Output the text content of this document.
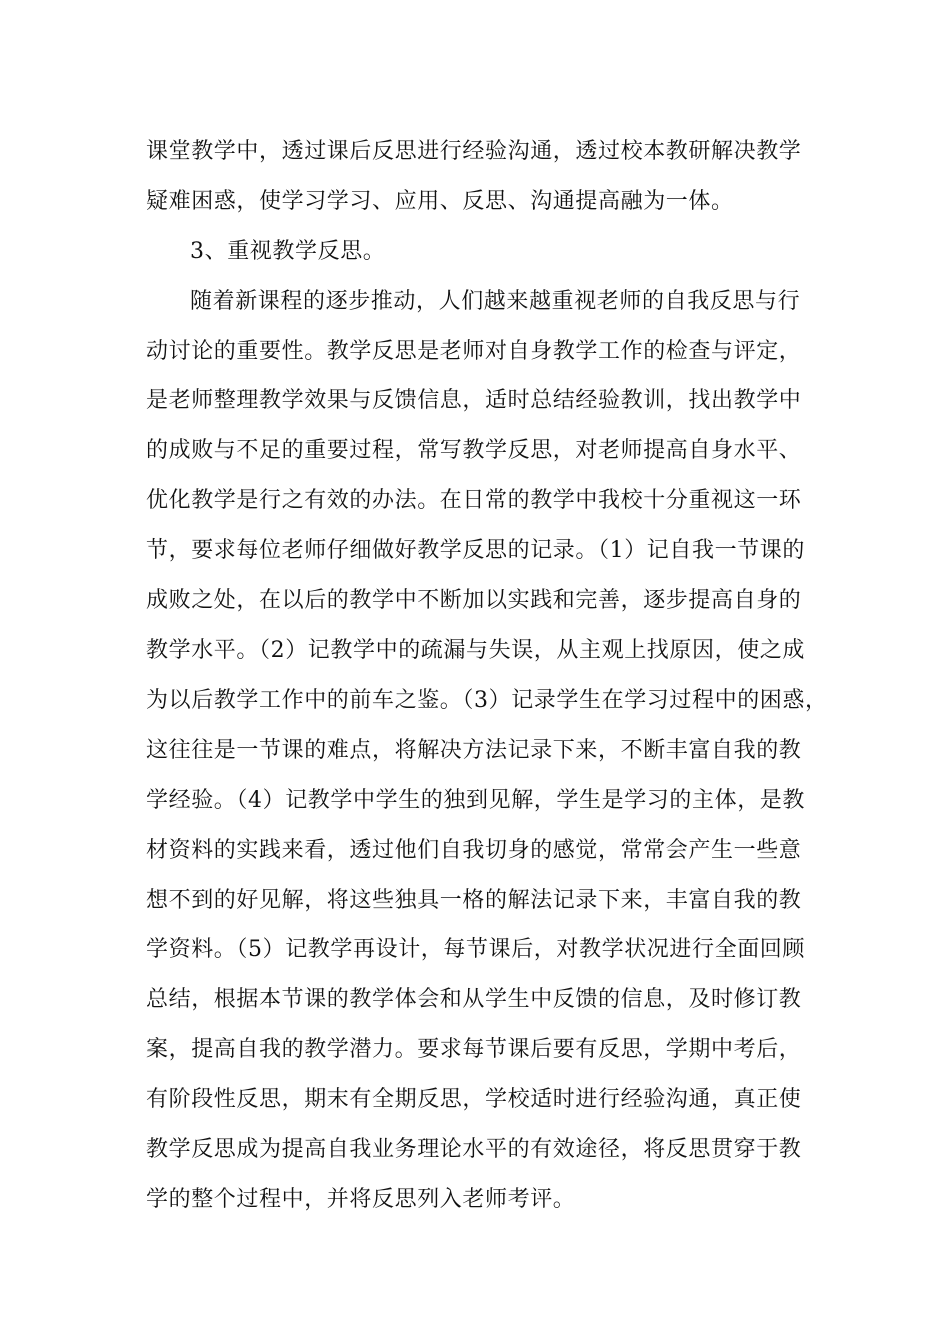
课堂教学中，透过课后反思进行经验沟通，透过校本教研解决教学
疑难困惑，使学习学习、应用、反思、沟通提高融为一体。
3、重视教学反思。
随着新课程的逐步推动，人们越来越重视老师的自我反思与行
动讨论的重要性。教学反思是老师对自身教学工作的检查与评定，
是老师整理教学效果与反馈信息，适时总结经验教训，找出教学中
的成败与不足的重要过程，常写教学反思，对老师提高自身水平、
优化教学是行之有效的办法。在日常的教学中我校十分重视这一环
节，要求每位老师仔细做好教学反思的记录。（1）记自我一节课的
成败之处，在以后的教学中不断加以实践和完善，逐步提高自身的
教学水平。（2）记教学中的疏漏与失误，从主观上找原因，使之成
为以后教学工作中的前车之鉴。（3）记录学生在学习过程中的困惑，
这往往是一节课的难点，将解决方法记录下来，不断丰富自我的教
学经验。（4）记教学中学生的独到见解，学生是学习的主体，是教
材资料的实践来看，透过他们自我切身的感觉，常常会产生一些意
想不到的好见解，将这些独具一格的解法记录下来，丰富自我的教
学资料。（5）记教学再设计，每节课后，对教学状况进行全面回顾
总结，根据本节课的教学体会和从学生中反馈的信息，及时修订教
案，提高自我的教学潜力。要求每节课后要有反思，学期中考后，
有阶段性反思，期末有全期反思，学校适时进行经验沟通，真正使
教学反思成为提高自我业务理论水平的有效途径，将反思贯穿于教
学的整个过程中，并将反思列入老师考评。
